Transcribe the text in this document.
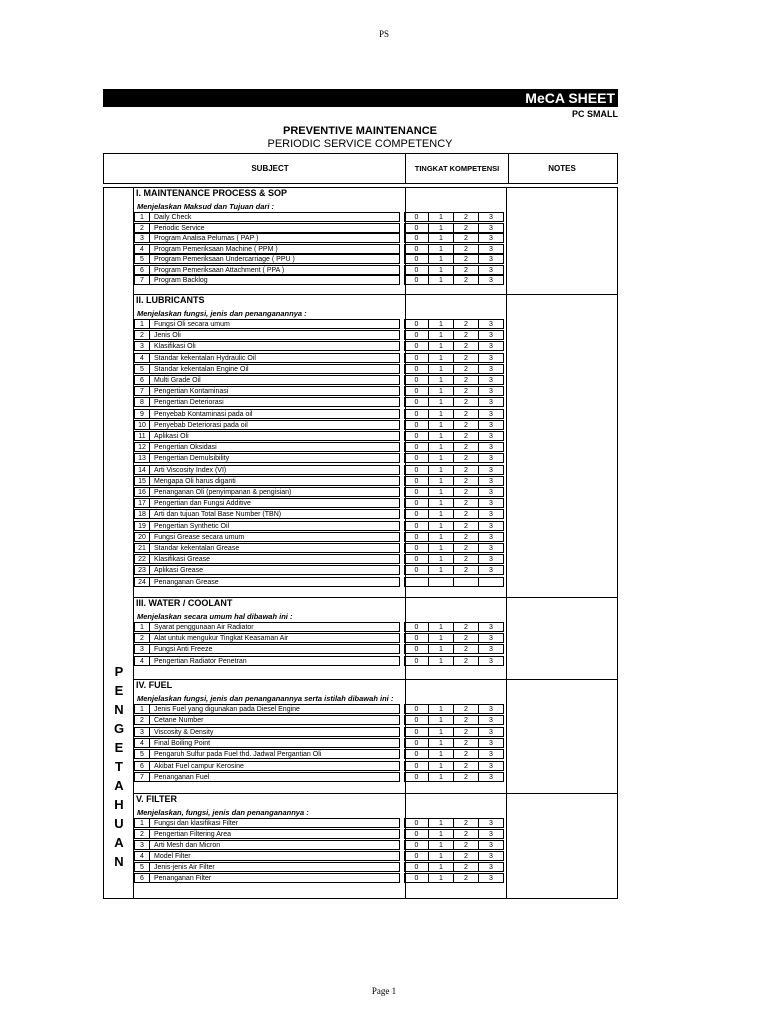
PS
MeCA SHEET
PC SMALL
PREVENTIVE MAINTENANCE
PERIODIC SERVICE COMPETENCY
SUBJECT	TINGKAT KOMPETENSI	NOTES
P
E
N
G
E
T
A
H
U
A
N
I. MAINTENANCE PROCESS & SOP
Menjelaskan Maksud dan Tujuan dari :
1	Daily Check	0	1	2	3
2	Periodic Service	0	1	2	3
3	Program Analisa Pelumas ( PAP )	0	1	2	3
4	Program Pemeriksaan Machine ( PPM )	0	1	2	3
5	Program Pemeriksaan Undercarriage ( PPU )	0	1	2	3
6	Program Pemeriksaan Attachment ( PPA )	0	1	2	3
7	Program Backlog	0	1	2	3
II. LUBRICANTS
Menjelaskan fungsi, jenis dan penanganannya :
1	Fungsi Oli secara umum	0	1	2	3
2	Jenis Oli	0	1	2	3
3	Klasifikasi Oli	0	1	2	3
4	Standar kekentalan Hydraulic Oil	0	1	2	3
5	Standar kekentalan Engine Oil	0	1	2	3
6	Multi Grade Oil	0	1	2	3
7	Pengertian Kontaminasi	0	1	2	3
8	Pengertian Deteriorasi	0	1	2	3
9	Penyebab Kontaminasi pada oil	0	1	2	3
10	Penyebab Deteriorasi pada oil	0	1	2	3
11	Aplikasi Oli	0	1	2	3
12	Pengertian Oksidasi	0	1	2	3
13	Pengertian Demulsibility	0	1	2	3
14	Arti Viscosity Index (VI)	0	1	2	3
15	Mengapa Oli harus diganti	0	1	2	3
16	Penanganan Oli (penyimpanan & pengisian)	0	1	2	3
17	Pengertian dan Fungsi Additive	0	1	2	3
18	Arti dan tujuan Total Base Number (TBN)	0	1	2	3
19	Pengertian Synthetic Oil	0	1	2	3
20	Fungsi Grease secara umum	0	1	2	3
21	Standar kekentalan Grease	0	1	2	3
22	Klasifikasi Grease	0	1	2	3
23	Aplikasi Grease	0	1	2	3
24	Penanganan Grease
III. WATER / COOLANT
Menjelaskan secara umum hal dibawah ini :
1	Syarat penggunaan Air Radiator	0	1	2	3
2	Alat untuk mengukur Tingkat Keasaman Air	0	1	2	3
3	Fungsi Anti Freeze	0	1	2	3
4	Pengertian Radiator Penetran	0	1	2	3
IV. FUEL
Menjelaskan fungsi, jenis dan penanganannya serta istilah dibawah ini :
1	Jenis Fuel yang digunakan pada Diesel Engine	0	1	2	3
2	Cetane Number	0	1	2	3
3	Viscosity & Density	0	1	2	3
4	Final Boiling Point	0	1	2	3
5	Pengaruh Sulfur pada Fuel thd. Jadwal Pergantian Oli	0	1	2	3
6	Akibat Fuel campur Kerosine	0	1	2	3
7	Penanganan Fuel	0	1	2	3
V. FILTER
Menjelaskan, fungsi, jenis dan penanganannya :
1	Fungsi dan klasifikasi Filter	0	1	2	3
2	Pengertian Filtering Area	0	1	2	3
3	Arti Mesh dan Micron	0	1	2	3
4	Model Filter	0	1	2	3
5	Jenis-jenis Air Filter	0	1	2	3
6	Penanganan Filter	0	1	2	3
Page 1
